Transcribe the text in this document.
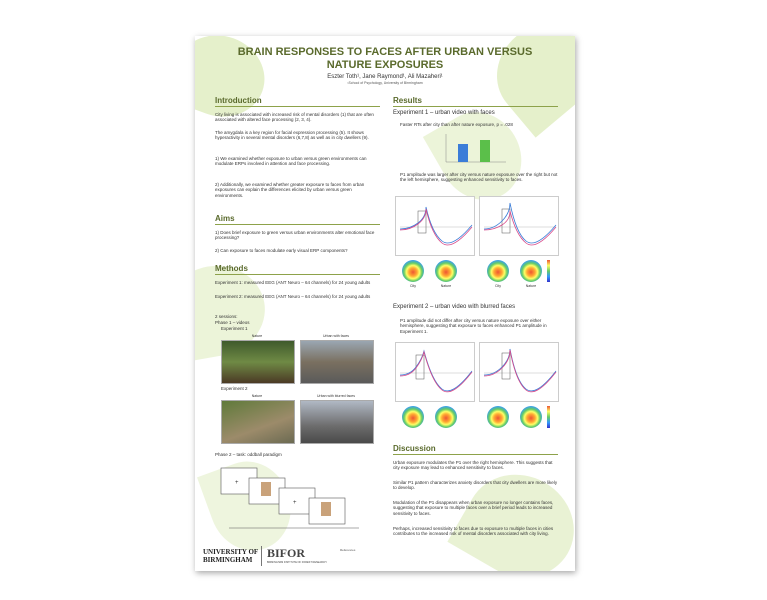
BRAIN RESPONSES TO FACES AFTER URBAN VERSUS NATURE EXPOSURES
Eszter Toth¹, Jane Raymond¹, Ali Mazaheri¹
¹School of Psychology, University of Birmingham
Introduction
City living is associated with increased risk of mental disorders (1) that are often associated with altered face processing (2, 3, 4).
The amygdala is a key region for facial expression processing (5). It shows hyperactivity in several mental disorders (6,7,8) as well as in city dwellers (9).
1) We examined whether exposure to urban versus green environments can modulate ERPs involved in attention and face processing.
2) Additionally, we examined whether greater exposure to faces from urban exposures can explain the differences elicited by urban versus green environments.
Aims
1) Does brief exposure to green versus urban environments alter emotional face processing?
2) Can exposure to faces modulate early visual ERP components?
Methods
Experiment 1: measured EEG (ANT Neuro – 64 channels) for 24 young adults
Experiment 2: measured EEG (ANT Neuro – 64 channels) for 24 young adults
2 sessions:
Phase 1 – videos
Experiment 1
Nature	Urban with faces
Experiment 2
Nature	Urban with blurred faces
Phase 2 – task: oddball paradigm
+
+
Results
Experiment 1 – urban video with faces
Faster RTs after city than after nature exposure, p = .028
P1 amplitude was larger after city versus nature exposure over the right but not the left hemisphere, suggesting enhanced sensitivity to faces.
City	Nature	City	Nature
Experiment 2 – urban video with blurred faces
P1 amplitude did not differ after city versus nature exposure over either hemisphere, suggesting that exposure to faces enhanced P1 amplitude in Experiment 1.
Discussion
Urban exposure modulates the P1 over the right hemisphere. This suggests that city exposure may lead to enhanced sensitivity to faces.
Similar P1 pattern characterizes anxiety disorders that city dwellers are more likely to develop.
Modulation of the P1 disappears when urban exposure no longer contains faces, suggesting that exposure to multiple faces over a brief period leads to increased sensitivity to faces.
Perhaps, increased sensitivity to faces due to exposure to multiple faces in cities contributes to the increased risk of mental disorders associated with city living.
UNIVERSITY OF
BIRMINGHAM	BIFOR
BIRMINGHAM INSTITUTE OF FOREST RESEARCH
References
